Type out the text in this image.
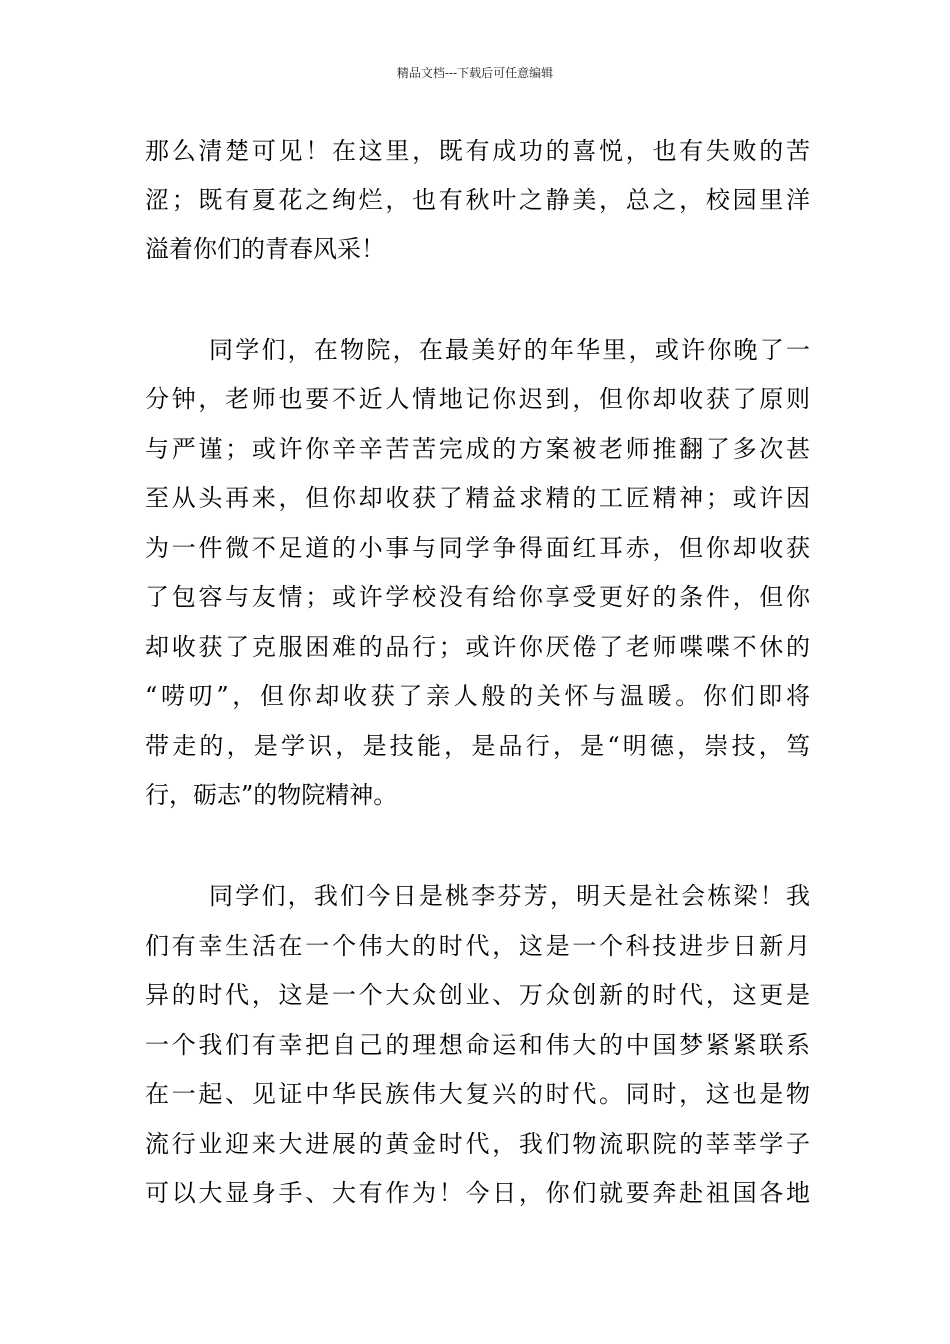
精品文档---下载后可任意编辑
那么清楚可见！在这里，既有成功的喜悦，也有失败的苦
涩；既有夏花之绚烂，也有秋叶之静美，总之，校园里洋
溢着你们的青春风采！
同学们，在物院，在最美好的年华里，或许你晚了一
分钟，老师也要不近人情地记你迟到，但你却收获了原则
与严谨；或许你辛辛苦苦完成的方案被老师推翻了多次甚
至从头再来，但你却收获了精益求精的工匠精神；或许因
为一件微不足道的小事与同学争得面红耳赤，但你却收获
了包容与友情；或许学校没有给你享受更好的条件，但你
却收获了克服困难的品行；或许你厌倦了老师喋喋不休的
“唠叨”，但你却收获了亲人般的关怀与温暖。你们即将
带走的，是学识，是技能，是品行，是“明德，崇技，笃
行，砺志”的物院精神。
同学们，我们今日是桃李芬芳，明天是社会栋梁！我
们有幸生活在一个伟大的时代，这是一个科技进步日新月
异的时代，这是一个大众创业、万众创新的时代，这更是
一个我们有幸把自己的理想命运和伟大的中国梦紧紧联系
在一起、见证中华民族伟大复兴的时代。同时，这也是物
流行业迎来大进展的黄金时代，我们物流职院的莘莘学子
可以大显身手、大有作为！今日，你们就要奔赴祖国各地
